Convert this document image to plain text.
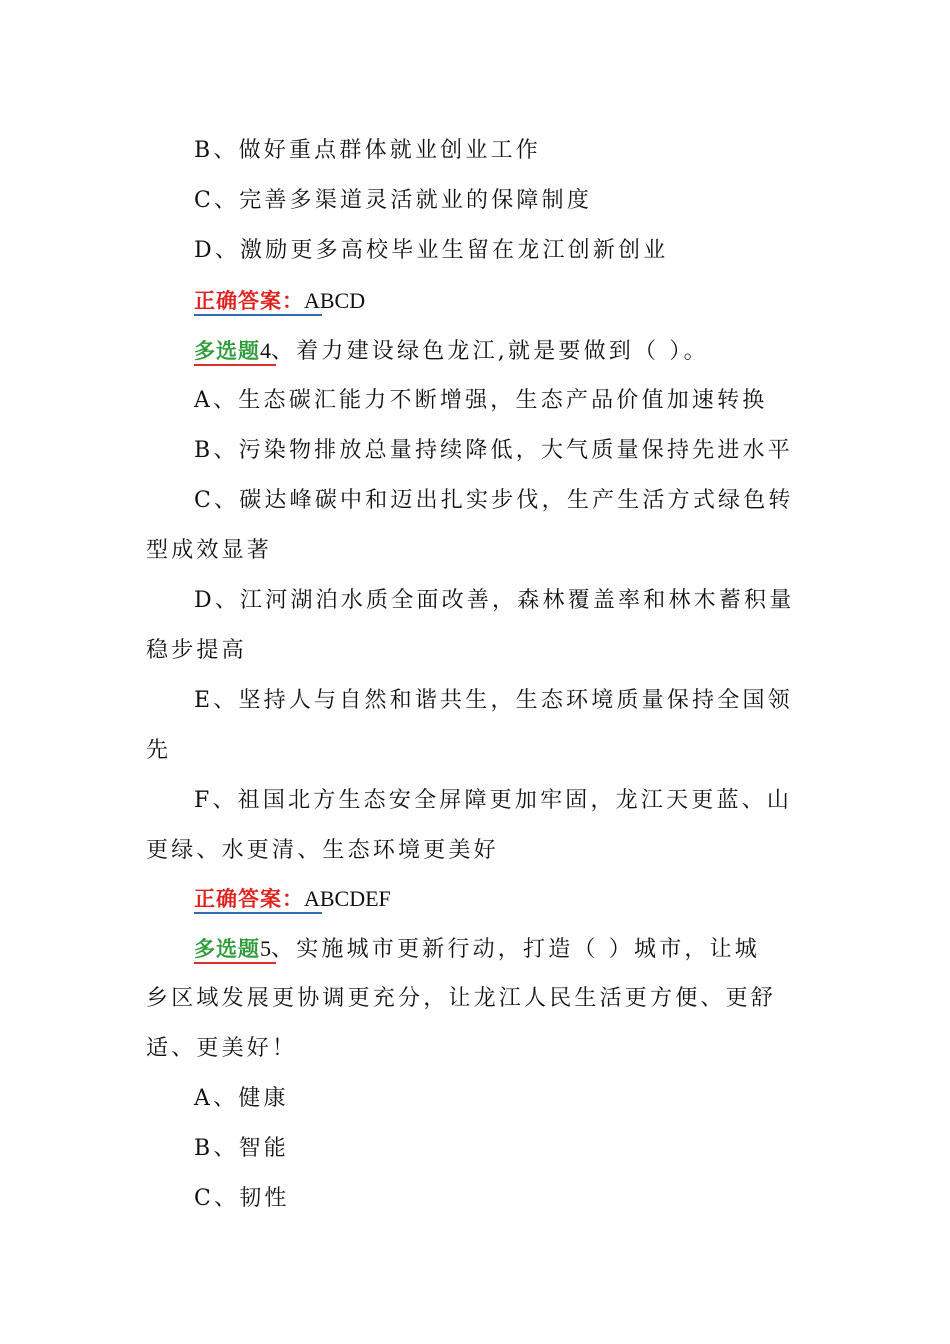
B、做好重点群体就业创业工作
C、完善多渠道灵活就业的保障制度
D、激励更多高校毕业生留在龙江创新创业
正确答案：ABCD
多选题4、着力建设绿色龙江,就是要做到（ ）。
A、生态碳汇能力不断增强，生态产品价值加速转换
B、污染物排放总量持续降低，大气质量保持先进水平
C、碳达峰碳中和迈出扎实步伐，生产生活方式绿色转
型成效显著
D、江河湖泊水质全面改善，森林覆盖率和林木蓄积量
稳步提高
E、坚持人与自然和谐共生，生态环境质量保持全国领
先
F、祖国北方生态安全屏障更加牢固，龙江天更蓝、山
更绿、水更清、生态环境更美好
正确答案：ABCDEF
多选题5、实施城市更新行动，打造（ ）城市，让城
乡区域发展更协调更充分，让龙江人民生活更方便、更舒
适、更美好！
A、健康
B、智能
C、韧性
